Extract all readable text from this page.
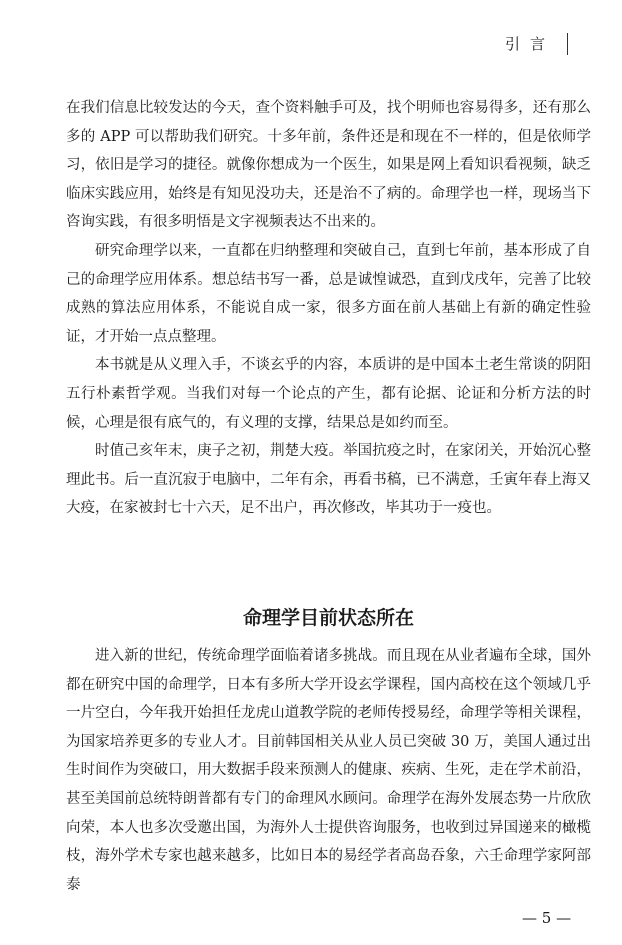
引言

在我们信息比较发达的今天，查个资料触手可及，找个明师也容易得多，还有那么多的 APP 可以帮助我们研究。十多年前，条件还是和现在不一样的，但是依师学习，依旧是学习的捷径。就像你想成为一个医生，如果是网上看知识看视频，缺乏临床实践应用，始终是有知见没功夫，还是治不了病的。命理学也一样，现场当下咨询实践，有很多明悟是文字视频表达不出来的。

研究命理学以来，一直都在归纳整理和突破自己，直到七年前，基本形成了自己的命理学应用体系。想总结书写一番，总是诚惶诚恐，直到戊戌年，完善了比较成熟的算法应用体系，不能说自成一家，很多方面在前人基础上有新的确定性验证，才开始一点点整理。

本书就是从义理入手，不谈玄乎的内容，本质讲的是中国本土老生常谈的阴阳五行朴素哲学观。当我们对每一个论点的产生，都有论据、论证和分析方法的时候，心理是很有底气的，有义理的支撑，结果总是如约而至。

时值己亥年末，庚子之初，荆楚大疫。举国抗疫之时，在家闭关，开始沉心整理此书。后一直沉寂于电脑中，二年有余，再看书稿，已不满意，壬寅年春上海又大疫，在家被封七十六天，足不出户，再次修改，毕其功于一疫也。

命理学目前状态所在

进入新的世纪，传统命理学面临着诸多挑战。而且现在从业者遍布全球，国外都在研究中国的命理学，日本有多所大学开设玄学课程，国内高校在这个领域几乎一片空白，今年我开始担任龙虎山道教学院的老师传授易经，命理学等相关课程，为国家培养更多的专业人才。目前韩国相关从业人员已突破 30 万，美国人通过出生时间作为突破口，用大数据手段来预测人的健康、疾病、生死，走在学术前沿，甚至美国前总统特朗普都有专门的命理风水顾问。命理学在海外发展态势一片欣欣向荣，本人也多次受邀出国，为海外人士提供咨询服务，也收到过异国递来的橄榄枝，海外学术专家也越来越多，比如日本的易经学者高岛吞象，六壬命理学家阿部泰

— 5 —
